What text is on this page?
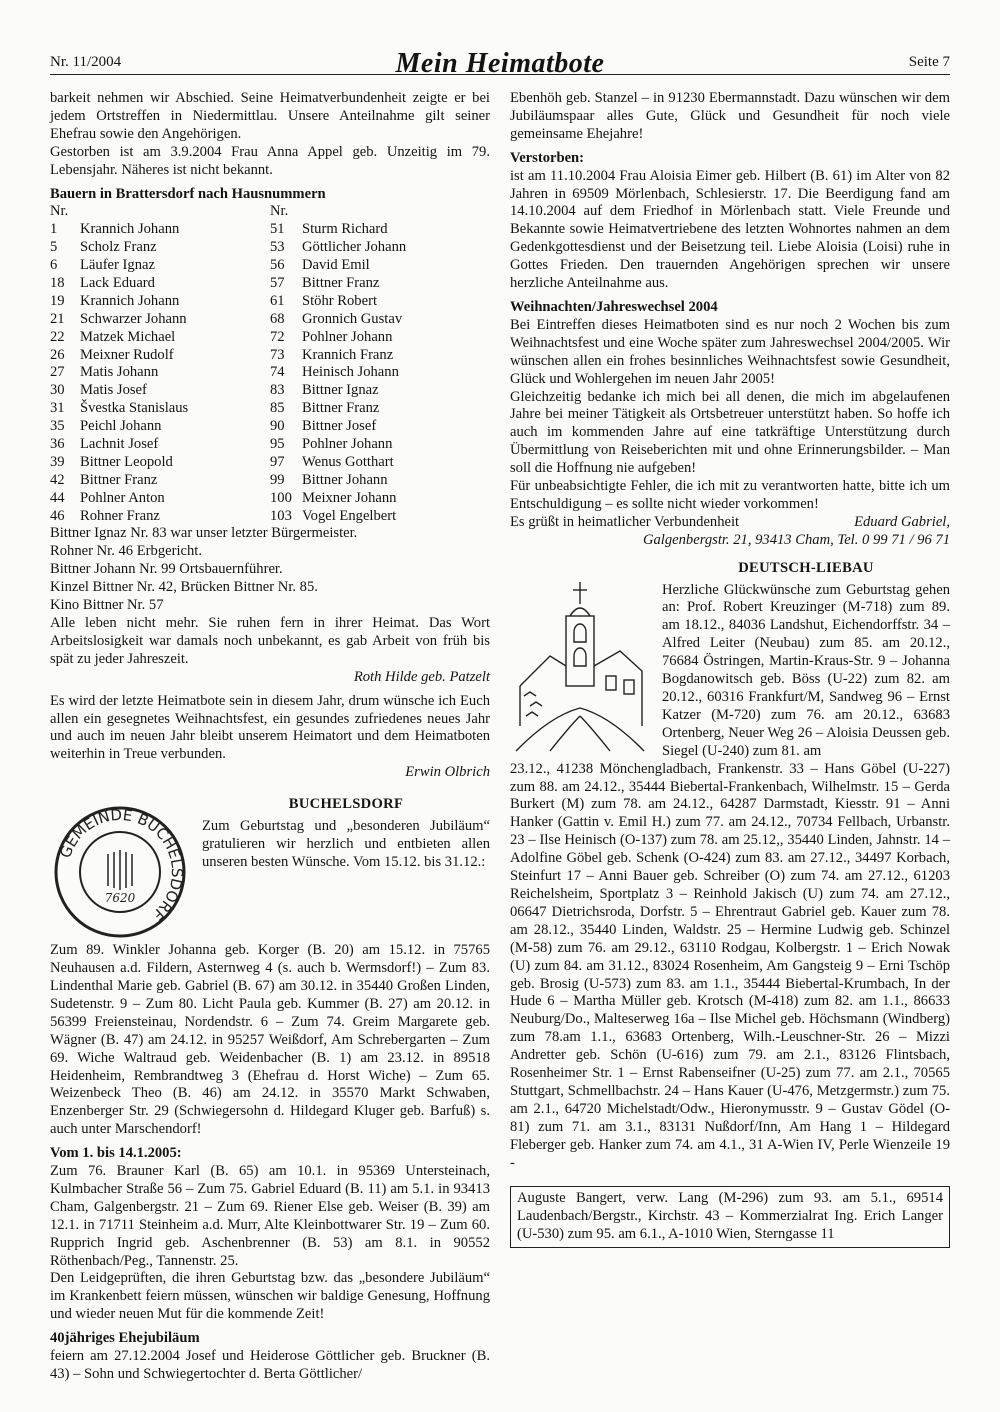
Nr. 11/2004	Mein Heimatbote	Seite 7

barkeit nehmen wir Abschied. Seine Heimatverbundenheit zeigte er bei jedem Ortstreffen in Niedermittlau. Unsere Anteilnahme gilt seiner Ehefrau sowie den Angehörigen.

Gestorben ist am 3.9.2004 Frau Anna Appel geb. Unzeitig im 79. Lebensjahr. Näheres ist nicht bekannt.

Bauern in Brattersdorf nach Hausnummern

Nr.	Nr.
1	Krannich Johann	51	Sturm Richard
5	Scholz Franz	53	Göttlicher Johann
6	Läufer Ignaz	56	David Emil
18	Lack Eduard	57	Bittner Franz
19	Krannich Johann	61	Stöhr Robert
21	Schwarzer Johann	68	Gronnich Gustav
22	Matzek Michael	72	Pohlner Johann
26	Meixner Rudolf	73	Krannich Franz
27	Matis Johann	74	Heinisch Johann
30	Matis Josef	83	Bittner Ignaz
31	Švestka Stanislaus	85	Bittner Franz
35	Peichl Johann	90	Bittner Josef
36	Lachnit Josef	95	Pohlner Johann
39	Bittner Leopold	97	Wenus Gotthart
42	Bittner Franz	99	Bittner Johann
44	Pohlner Anton	100 Meixner Johann
46	Rohner Franz	103 Vogel Engelbert

Bittner Ignaz Nr. 83 war unser letzter Bürgermeister.

Rohner Nr. 46 Erbgericht.

Bittner Johann Nr. 99 Ortsbauernführer.

Kinzel Bittner Nr. 42, Brücken Bittner Nr. 85.

Kino Bittner Nr. 57

Alle leben nicht mehr. Sie ruhen fern in ihrer Heimat. Das Wort Arbeitslosigkeit war damals noch unbekannt, es gab Arbeit von früh bis spät zu jeder Jahreszeit.

Roth Hilde geb. Patzelt

Es wird der letzte Heimatbote sein in diesem Jahr, drum wünsche ich Euch allen ein gesegnetes Weihnachtsfest, ein gesundes zufriedenes neues Jahr und auch im neuen Jahr bleibt unserem Heimatort und dem Heimatboten weiterhin in Treue verbunden.

Erwin Olbrich

GEMEINDE BUCHELSDORF
7620

BUCHELSDORF

Zum Geburtstag und „besonderen Jubiläum“ gratulieren wir herzlich und entbieten allen unseren besten Wünsche. Vom 15.12. bis 31.12.:

Zum 89. Winkler Johanna geb. Korger (B. 20) am 15.12. in 75765 Neuhausen a.d. Fildern, Asternweg 4 (s. auch b. Wermsdorf!) – Zum 83. Lindenthal Marie geb. Gabriel (B. 67) am 30.12. in 35440 Großen Linden, Sudetenstr. 9 – Zum 80. Licht Paula geb. Kummer (B. 27) am 20.12. in 56399 Freiensteinau, Nordendstr. 6 – Zum 74. Greim Margarete geb. Wägner (B. 47) am 24.12. in 95257 Weißdorf, Am Schrebergarten – Zum 69. Wiche Waltraud geb. Weidenbacher (B. 1) am 23.12. in 89518 Heidenheim, Rembrandtweg 3 (Ehefrau d. Horst Wiche) – Zum 65. Weizenbeck Theo (B. 46) am 24.12. in 35570 Markt Schwaben, Enzenberger Str. 29 (Schwiegersohn d. Hildegard Kluger geb. Barfuß) s. auch unter Marschendorf!

Vom 1. bis 14.1.2005:

Zum 76. Brauner Karl (B. 65) am 10.1. in 95369 Untersteinach, Kulmbacher Straße 56 – Zum 75. Gabriel Eduard (B. 11) am 5.1. in 93413 Cham, Galgenbergstr. 21 – Zum 69. Riener Else geb. Weiser (B. 39) am 12.1. in 71711 Steinheim a.d. Murr, Alte Kleinbottwarer Str. 19 – Zum 60. Rupprich Ingrid geb. Aschenbrenner (B. 53) am 8.1. in 90552 Röthenbach/Peg., Tannenstr. 25.

Den Leidgeprüften, die ihren Geburtstag bzw. das „besondere Jubiläum“ im Krankenbett feiern müssen, wünschen wir baldige Genesung, Hoffnung und wieder neuen Mut für die kommende Zeit!

40jähriges Ehejubiläum

feiern am 27.12.2004 Josef und Heiderose Göttlicher geb. Bruckner (B. 43) – Sohn und Schwiegertochter d. Berta Göttlicher/

Ebenhöh geb. Stanzel – in 91230 Ebermannstadt. Dazu wünschen wir dem Jubiläumspaar alles Gute, Glück und Gesundheit für noch viele gemeinsame Ehejahre!

Verstorben:

ist am 11.10.2004 Frau Aloisia Eimer geb. Hilbert (B. 61) im Alter von 82 Jahren in 69509 Mörlenbach, Schlesierstr. 17. Die Beerdigung fand am 14.10.2004 auf dem Friedhof in Mörlenbach statt. Viele Freunde und Bekannte sowie Heimatvertriebene des letzten Wohnortes nahmen an dem Gedenkgottesdienst und der Beisetzung teil. Liebe Aloisia (Loisi) ruhe in Gottes Frieden. Den trauernden Angehörigen sprechen wir unsere herzliche Anteilnahme aus.

Weihnachten/Jahreswechsel 2004

Bei Eintreffen dieses Heimatboten sind es nur noch 2 Wochen bis zum Weihnachtsfest und eine Woche später zum Jahreswechsel 2004/2005. Wir wünschen allen ein frohes besinnliches Weihnachtsfest sowie Gesundheit, Glück und Wohlergehen im neuen Jahr 2005!

Gleichzeitig bedanke ich mich bei all denen, die mich im abgelaufenen Jahre bei meiner Tätigkeit als Ortsbetreuer unterstützt haben. So hoffe ich auch im kommenden Jahre auf eine tatkräftige Unterstützung durch Übermittlung von Reiseberichten mit und ohne Erinnerungsbilder. – Man soll die Hoffnung nie aufgeben!

Für unbeabsichtigte Fehler, die ich mit zu verantworten hatte, bitte ich um Entschuldigung – es sollte nicht wieder vorkommen!

Es grüßt in heimatlicher Verbundenheit	Eduard Gabriel,

Galgenbergstr. 21, 93413 Cham, Tel. 0 99 71 / 96 71

DEUTSCH-LIEBAU

Herzliche Glückwünsche zum Geburtstag gehen an: Prof. Robert Kreuzinger (M-718) zum 89. am 18.12., 84036 Landshut, Eichendorffstr. 34 – Alfred Leiter (Neubau) zum 85. am 20.12., 76684 Östringen, Martin-Kraus-Str. 9 – Johanna Bogdanowitsch geb. Böss (U-22) zum 82. am 20.12., 60316 Frankfurt/M, Sandweg 96 – Ernst Katzer (M-720) zum 76. am 20.12., 63683 Ortenberg, Neuer Weg 26 – Aloisia Deussen geb. Siegel (U-240) zum 81. am

23.12., 41238 Mönchengladbach, Frankenstr. 33 – Hans Göbel (U-227) zum 88. am 24.12., 35444 Biebertal-Frankenbach, Wilhelmstr. 15 – Gerda Burkert (M) zum 78. am 24.12., 64287 Darmstadt, Kiesstr. 91 – Anni Hanker (Gattin v. Emil H.) zum 77. am 24.12., 70734 Fellbach, Urbanstr. 23 – Ilse Heinisch (O-137) zum 78. am 25.12,, 35440 Linden, Jahnstr. 14 – Adolfine Göbel geb. Schenk (O-424) zum 83. am 27.12., 34497 Korbach, Steinfurt 17 – Anni Bauer geb. Schreiber (O) zum 74. am 27.12., 61203 Reichelsheim, Sportplatz 3 – Reinhold Jakisch (U) zum 74. am 27.12., 06647 Dietrichsroda, Dorfstr. 5 – Ehrentraut Gabriel geb. Kauer zum 78. am 28.12., 35440 Linden, Waldstr. 25 – Hermine Ludwig geb. Schinzel (M-58) zum 76. am 29.12., 63110 Rodgau, Kolbergstr. 1 – Erich Nowak (U) zum 84. am 31.12., 83024 Rosenheim, Am Gangsteig 9 – Erni Tschöp geb. Brosig (U-573) zum 83. am 1.1., 35444 Biebertal-Krumbach, In der Hude 6 – Martha Müller geb. Krotsch (M-418) zum 82. am 1.1., 86633 Neuburg/Do., Malteserweg 16a – Ilse Michel geb. Höchsmann (Windberg) zum 78.am 1.1., 63683 Ortenberg, Wilh.-Leuschner-Str. 26 – Mizzi Andretter geb. Schön (U-616) zum 79. am 2.1., 83126 Flintsbach, Rosenheimer Str. 1 – Ernst Rabenseifner (U-25) zum 77. am 2.1., 70565 Stuttgart, Schmellbachstr. 24 – Hans Kauer (U-476, Metzgermstr.) zum 75. am 2.1., 64720 Michelstadt/Odw., Hieronymusstr. 9 – Gustav Gödel (O-81) zum 71. am 3.1., 83131 Nußdorf/Inn, Am Hang 1 – Hildegard Fleberger geb. Hanker zum 74. am 4.1., 31 A-Wien IV, Perle Wienzeile 19 -

Auguste Bangert, verw. Lang (M-296) zum 93. am 5.1., 69514 Laudenbach/Bergstr., Kirchstr. 43 – Kommerzialrat Ing. Erich Langer (U-530) zum 95. am 6.1., A-1010 Wien, Sterngasse 11
